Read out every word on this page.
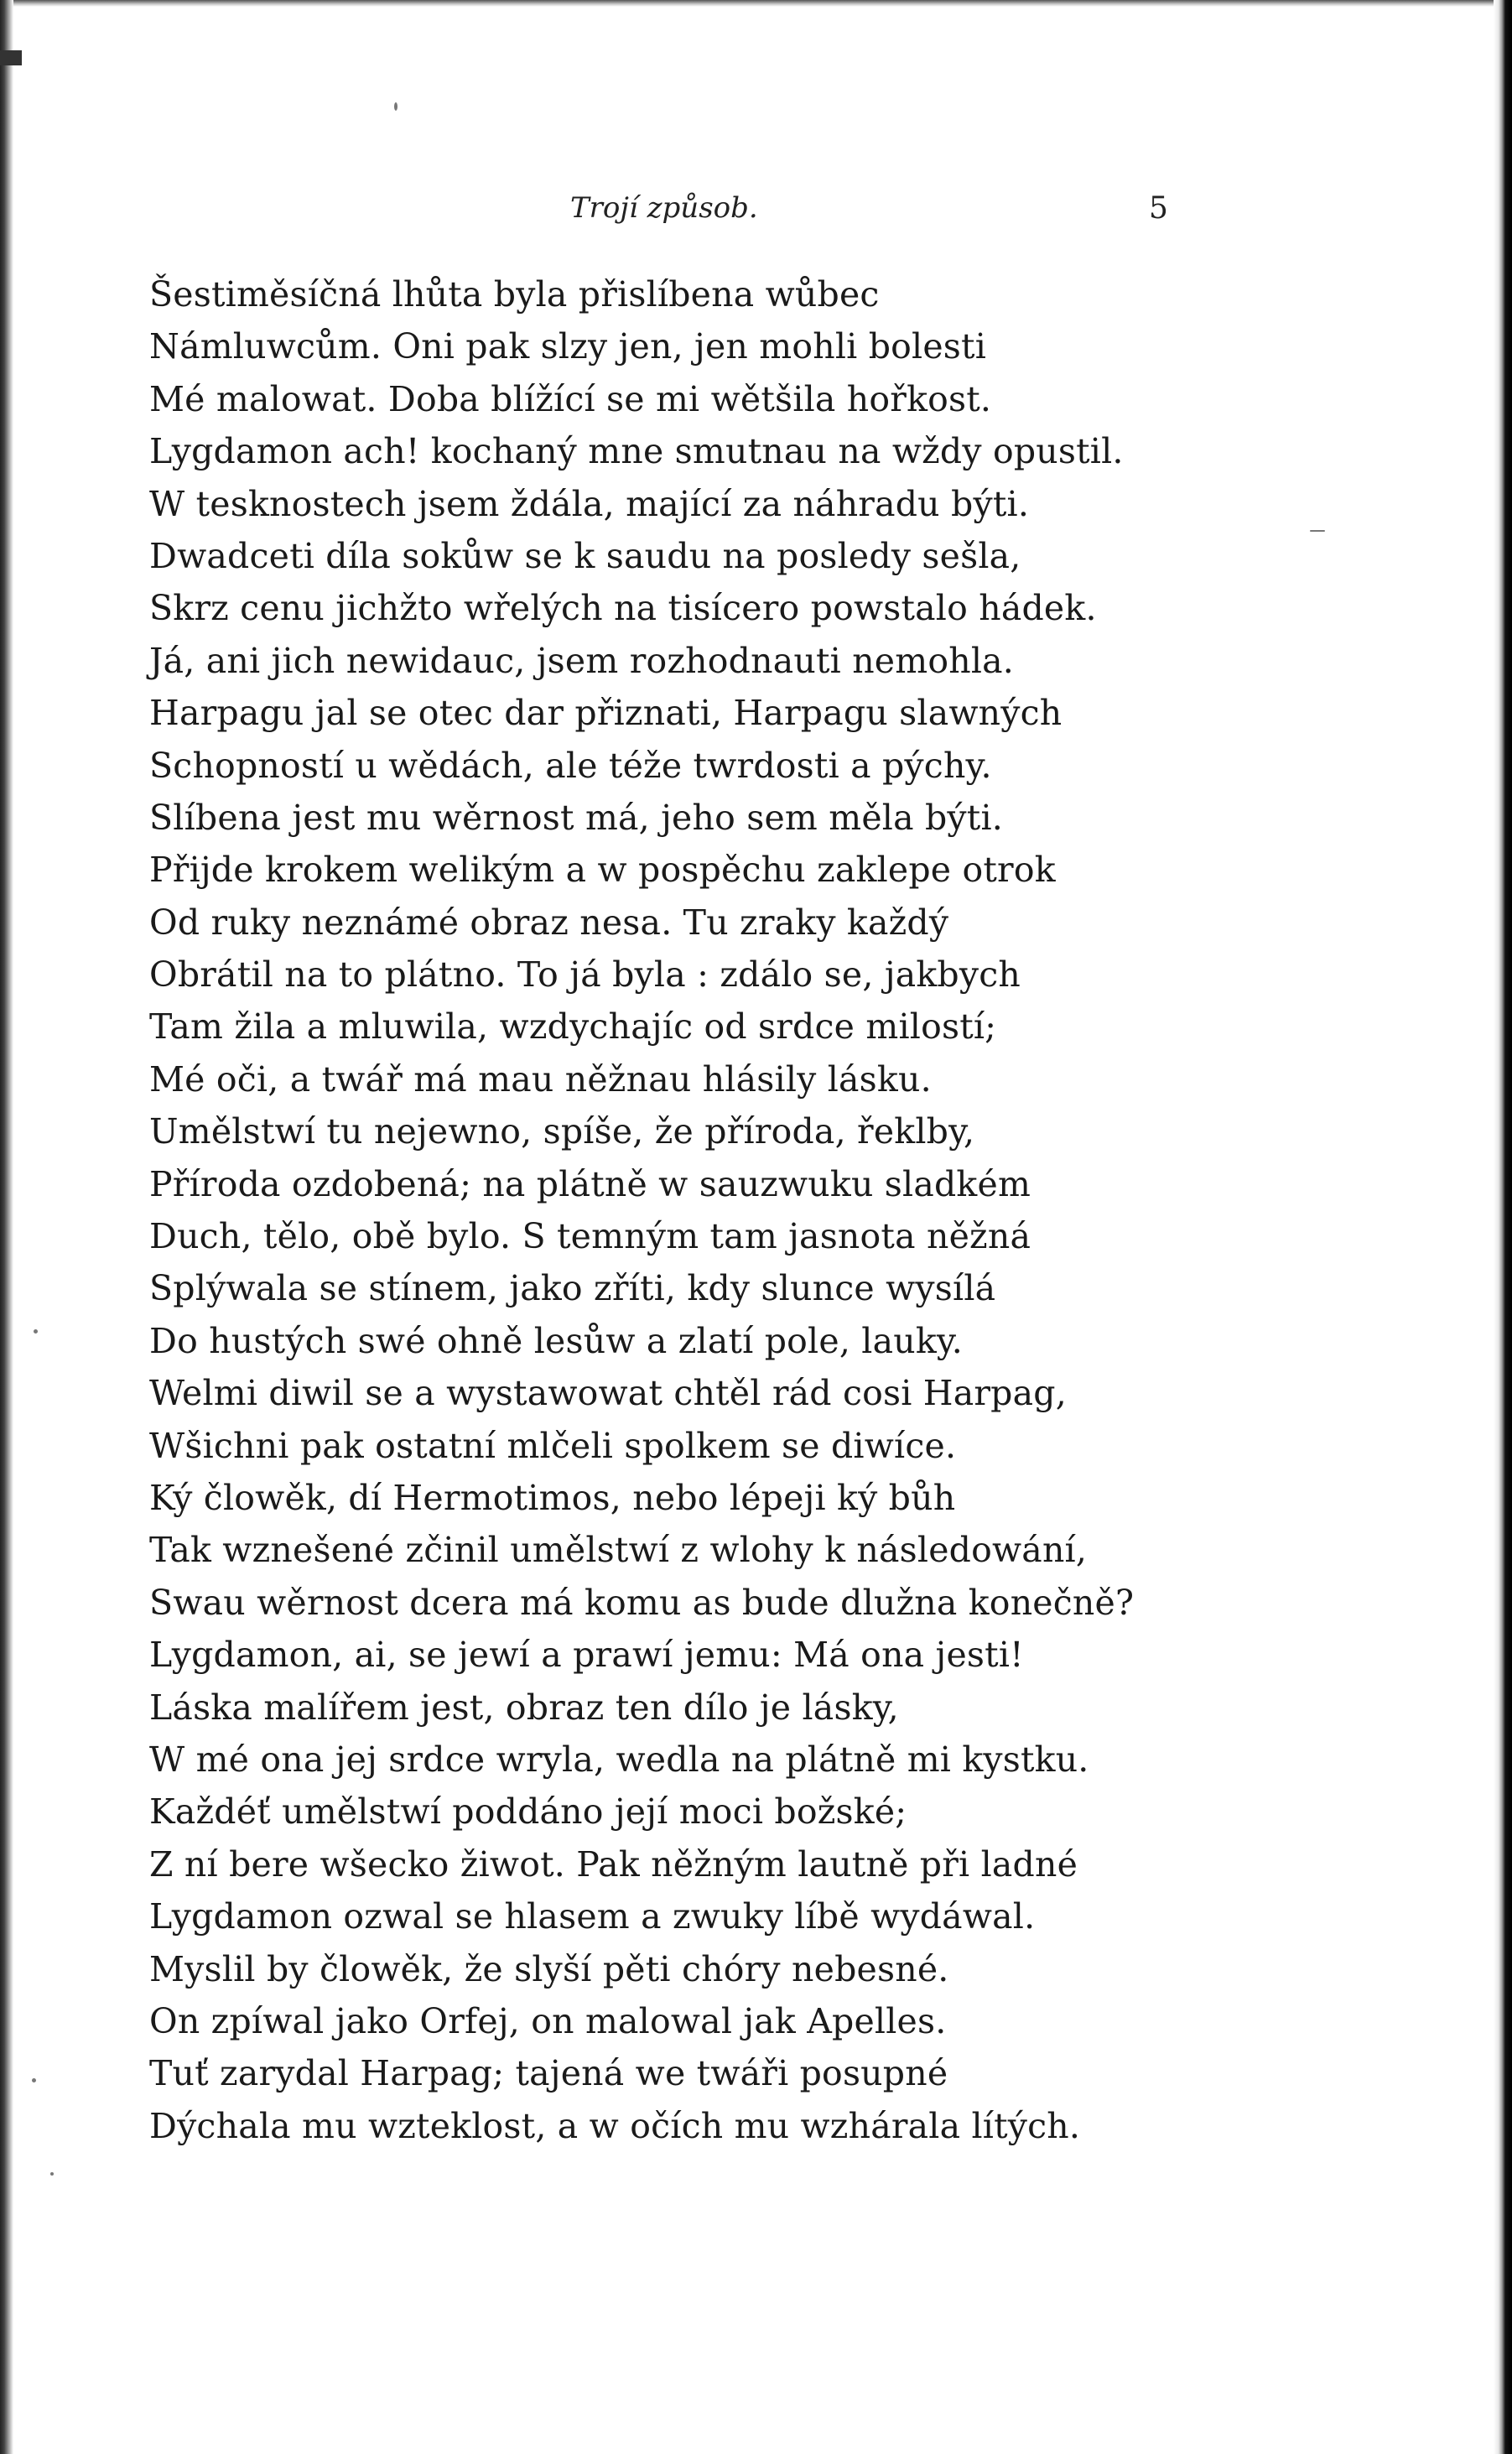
Trojí způsob.	5
Šestiměsíčná lhůta byla přislíbena wůbec
Námluwcům. Oni pak slzy jen, jen mohli bolesti
Mé malowat. Doba blížící se mi wětšila hořkost.
Lygdamon ach! kochaný mne smutnau na wždy opustil.
W tesknostech jsem ždála, mající za náhradu býti.
Dwadceti díla sokůw se k saudu na posledy sešla,
Skrz cenu jichžto wřelých na tisícero powstalo hádek.
Já, ani jich newidauc, jsem rozhodnauti nemohla.
Harpagu jal se otec dar přiznati, Harpagu slawných
Schopností u wědách, ale téže twrdosti a pýchy.
Slíbena jest mu wěrnost má, jeho sem měla býti.
Přijde krokem welikým a w pospěchu zaklepe otrok
Od ruky neznámé obraz nesa. Tu zraky každý
Obrátil na to plátno. To já byla : zdálo se, jakbych
Tam žila a mluwila, wzdychajíc od srdce milostí;
Mé oči, a twář má mau něžnau hlásily lásku.
Umělstwí tu nejewno, spíše, že příroda, řeklby,
Příroda ozdobená; na plátně w sauzwuku sladkém
Duch, tělo, obě bylo. S temným tam jasnota něžná
Splýwala se stínem, jako zříti, kdy slunce wysílá
Do hustých swé ohně lesůw a zlatí pole, lauky.
Welmi diwil se a wystawowat chtěl rád cosi Harpag,
Wšichni pak ostatní mlčeli spolkem se diwíce.
Ký člowěk, dí Hermotimos, nebo lépeji ký bůh
Tak wznešené zčinil umělstwí z wlohy k následowání,
Swau wěrnost dcera má komu as bude dlužna konečně?
Lygdamon, ai, se jewí a prawí jemu: Má ona jesti!
Láska malířem jest, obraz ten dílo je lásky,
W mé ona jej srdce wryla, wedla na plátně mi kystku.
Každéť umělstwí poddáno její moci božské;
Z ní bere wšecko žiwot. Pak něžným lautně při ladné
Lygdamon ozwal se hlasem a zwuky líbě wydáwal.
Myslil by člowěk, že slyší pěti chóry nebesné.
On zpíwal jako Orfej, on malowal jak Apelles.
Tuť zarydal Harpag; tajená we twáři posupné
Dýchala mu wzteklost, a w očích mu wzhárala lítých.
